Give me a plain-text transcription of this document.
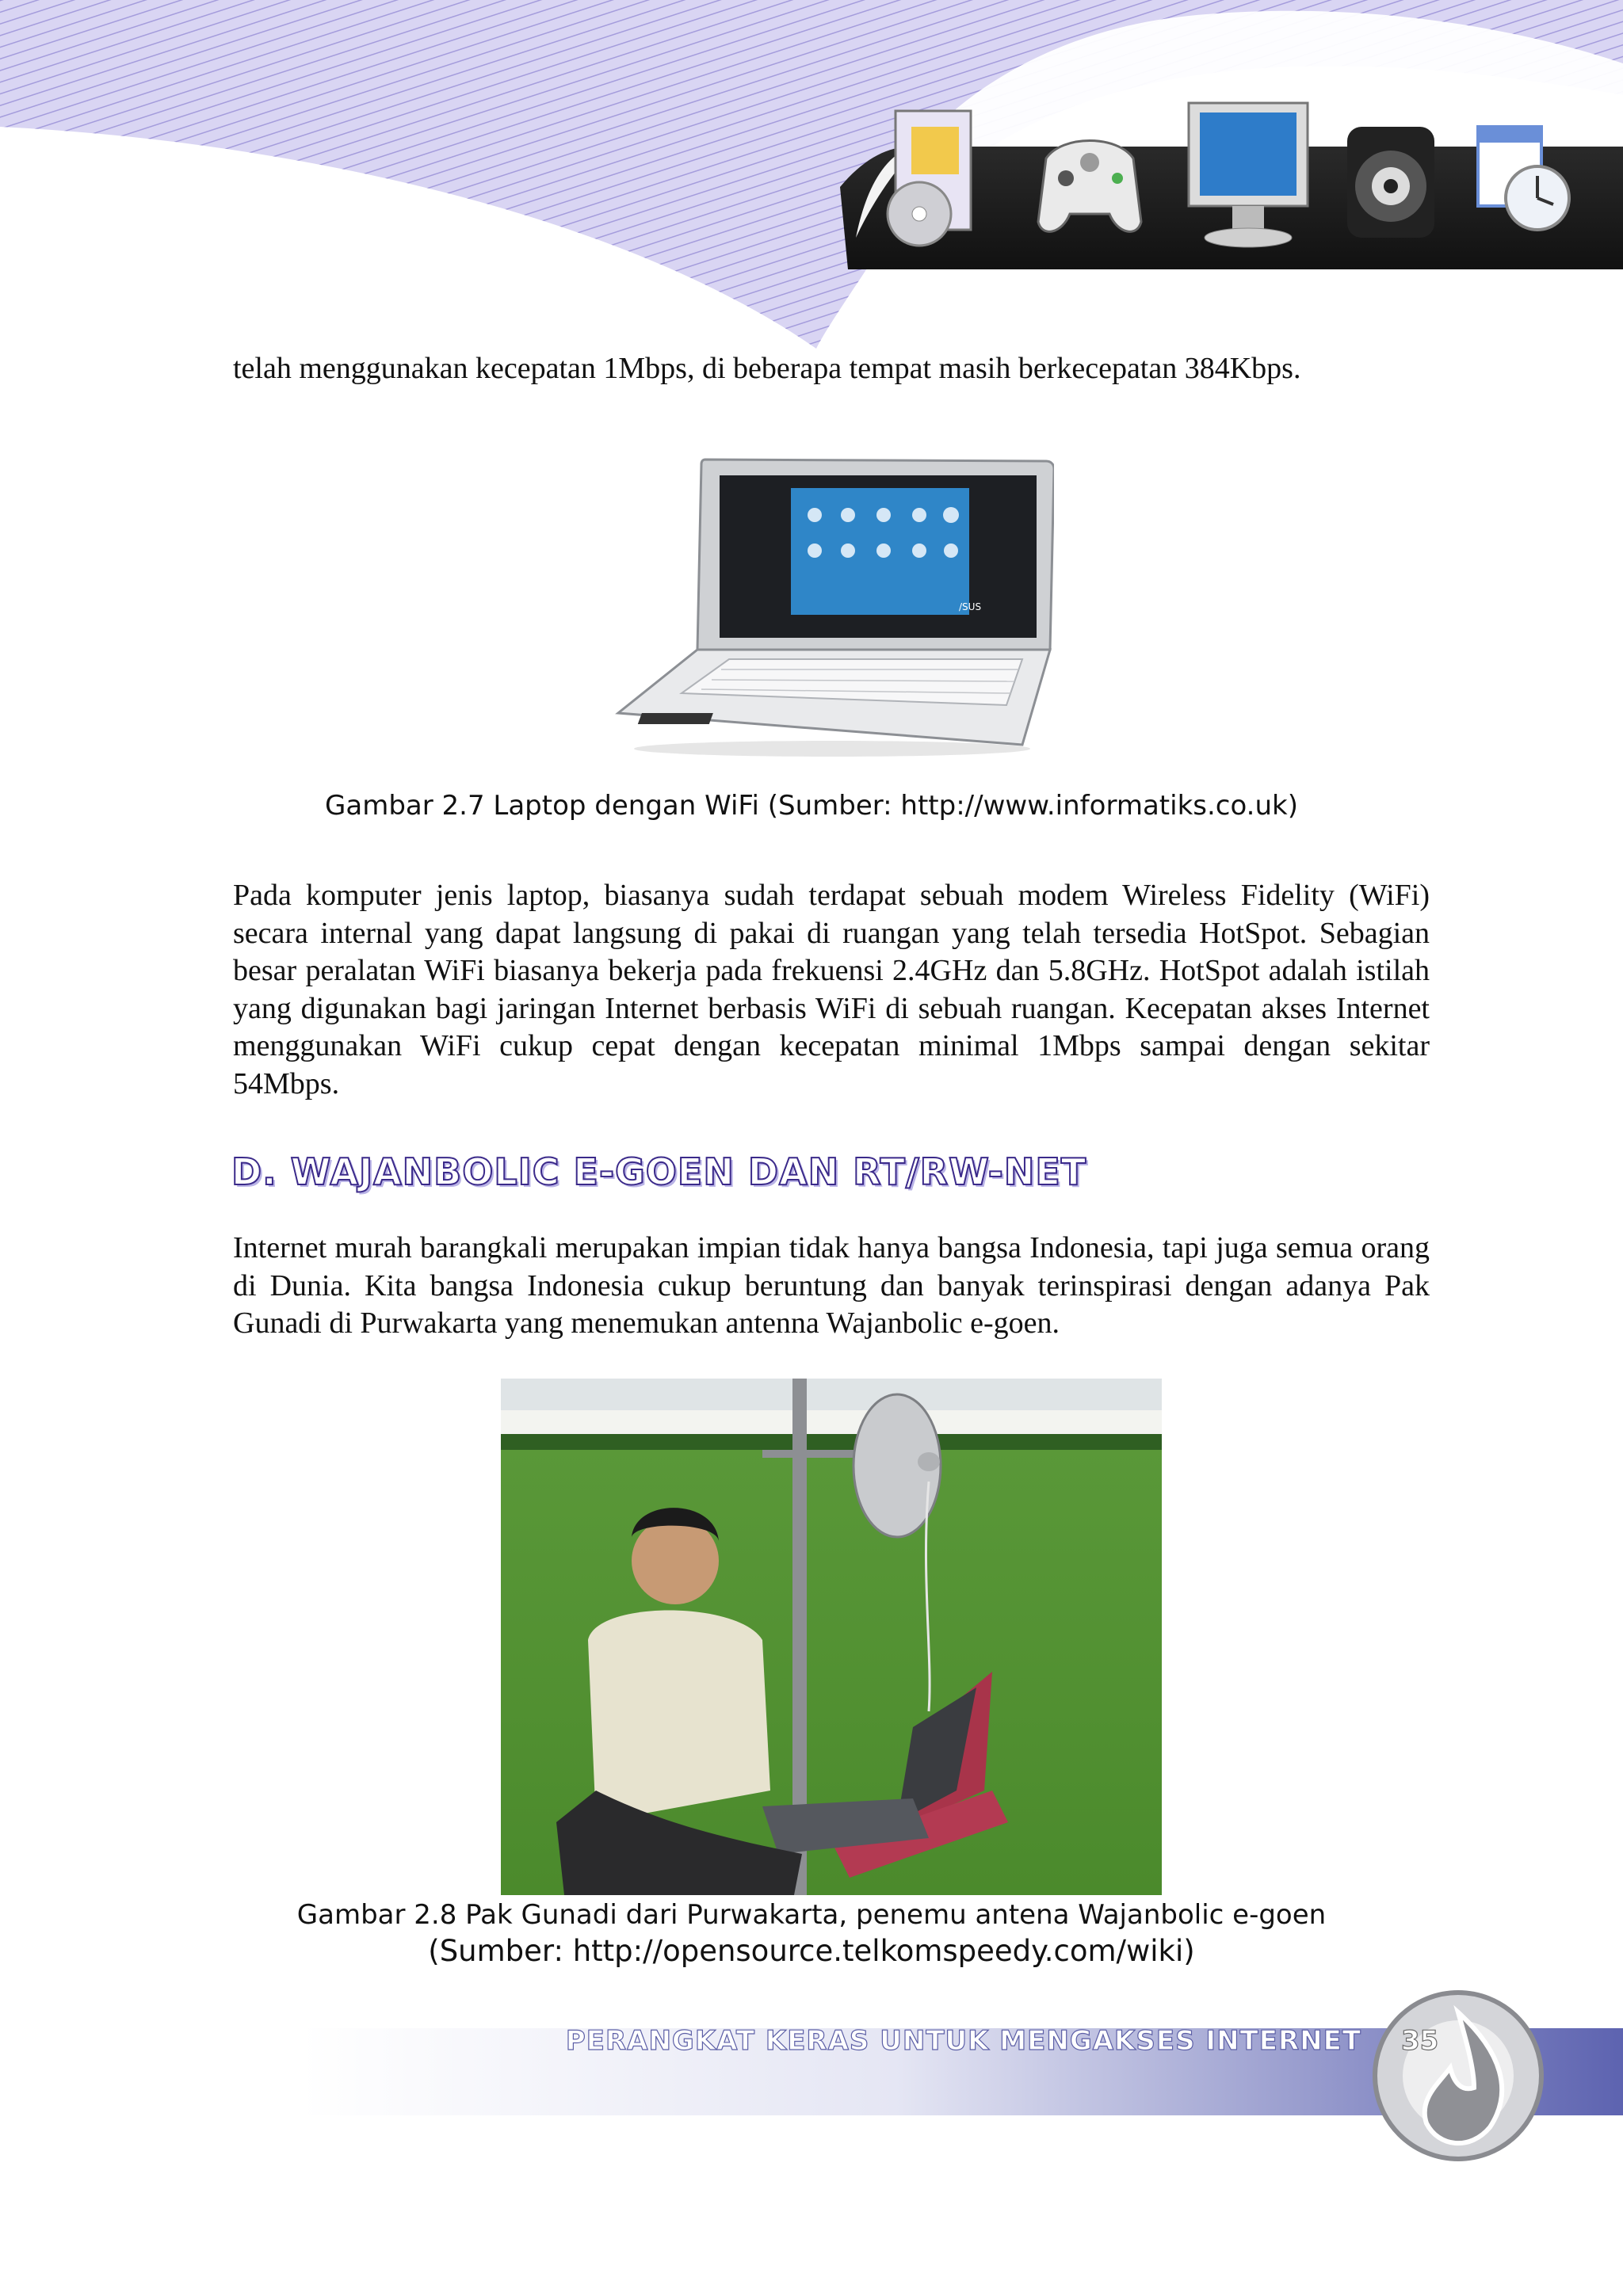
telah menggunakan kecepatan 1Mbps, di beberapa tempat masih berkecepatan 384Kbps.

/SUS
Gambar 2.7 Laptop dengan WiFi (Sumber: http://www.informatiks.co.uk)

Pada komputer jenis laptop, biasanya sudah terdapat sebuah modem Wireless Fidelity (WiFi) secara internal yang dapat langsung di pakai di ruangan yang telah tersedia HotSpot. Sebagian besar peralatan WiFi biasanya bekerja pada frekuensi 2.4GHz dan 5.8GHz. HotSpot adalah istilah yang digunakan bagi jaringan Internet berbasis WiFi di sebuah ruangan. Kecepatan akses Internet menggunakan WiFi cukup cepat dengan kecepatan minimal 1Mbps sampai dengan sekitar 54Mbps.

D. WAJANBOLIC E-GOEN DAN RT/RW-NET

Internet murah barangkali merupakan impian tidak hanya bangsa Indonesia, tapi juga semua orang di Dunia. Kita bangsa Indonesia cukup beruntung dan banyak terinspirasi dengan adanya Pak Gunadi di Purwakarta yang menemukan antenna Wajanbolic e-goen.

Gambar 2.8 Pak Gunadi dari Purwakarta, penemu antena Wajanbolic e-goen
(Sumber: http://opensource.telkomspeedy.com/wiki)
PERANGKAT KERAS UNTUK MENGAKSES INTERNET 35
